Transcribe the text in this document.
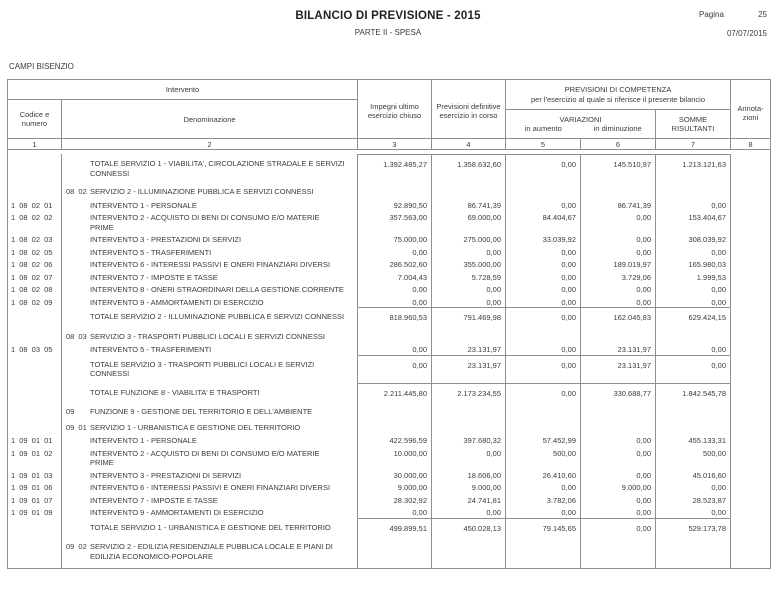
BILANCIO DI PREVISIONE - 2015
PARTE II - SPESA
Pagina	25
07/07/2015
CAMPI BISENZIO
Intervento
Codice e numero	Denominazione
Impegni ultimo esercizio chiuso
Previsioni definitive esercizio in corso
PREVISIONI DI COMPETENZA
per l'esercizio al quale si riferisce il presente bilancio
VARIAZIONI
in aumento	in diminuzione
SOMME RISULTANTI
Annota-zioni
1	2	3	4	5	6	7	8
TOTALE SERVIZIO 1 - VIABILITA', CIRCOLAZIONE STRADALE E SERVIZI CONNESSI
1.392.485,27	1.358.632,60	0,00	145.510,97	1.213.121,63
08 02 SERVIZIO 2 - ILLUMINAZIONE PUBBLICA E SERVIZI CONNESSI
1 08 02 01	INTERVENTO 1 - PERSONALE	92.890,50	86.741,39	0,00	86.741,39	0,00
1 08 02 02	INTERVENTO 2 - ACQUISTO DI BENI DI CONSUMO E/O MATERIE PRIME
357.563,00	69.000,00	84.404,67	0,00	153.404,67
1 08 02 03	INTERVENTO 3 - PRESTAZIONI DI SERVIZI	75.000,00	275.000,00	33.039,92	0,00	308.039,92
1 08 02 05	INTERVENTO 5 - TRASFERIMENTI	0,00	0,00	0,00	0,00	0,00
1 08 02 06	INTERVENTO 6 - INTERESSI PASSIVI E ONERI FINANZIARI DIVERSI	286.502,60	355.000,00	0,00	189.019,97	165.980,03
1 08 02 07	INTERVENTO 7 - IMPOSTE E TASSE	7.004,43	5.728,59	0,00	3.729,06	1.999,53
1 08 02 08	INTERVENTO 8 - ONERI STRAORDINARI DELLA GESTIONE CORRENTE	0,00	0,00	0,00	0,00	0,00
1 08 02 09	INTERVENTO 9 - AMMORTAMENTI DI ESERCIZIO	0,00	0,00	0,00	0,00	0,00
TOTALE SERVIZIO 2 - ILLUMINAZIONE PUBBLICA E SERVIZI CONNESSI	818.960,53	791.469,98	0,00	162.045,83	629.424,15
08 03 SERVIZIO 3 - TRASPORTI PUBBLICI LOCALI E SERVIZI CONNESSI
1 08 03 05	INTERVENTO 5 - TRASFERIMENTI	0,00	23.131,97	0,00	23.131,97	0,00
TOTALE SERVIZIO 3 - TRASPORTI PUBBLICI LOCALI E SERVIZI CONNESSI
0,00	23.131,97	0,00	23.131,97	0,00
TOTALE FUNZIONE 8 - VIABILITA' E TRASPORTI	2.211.445,80	2.173.234,55	0,00	330.688,77	1.842.545,78
09	FUNZIONE 9 - GESTIONE DEL TERRITORIO E DELL'AMBIENTE
09 01 SERVIZIO 1 - URBANISTICA E GESTIONE DEL TERRITORIO
1 09 01 01	INTERVENTO 1 - PERSONALE	422.596,59	397.680,32	57.452,99	0,00	455.133,31
1 09 01 02	INTERVENTO 2 - ACQUISTO DI BENI DI CONSUMO E/O MATERIE PRIME
10.000,00	0,00	500,00	0,00	500,00
1 09 01 03	INTERVENTO 3 - PRESTAZIONI DI SERVIZI	30.000,00	18.606,00	26.410,60	0,00	45.016,60
1 09 01 06	INTERVENTO 6 - INTERESSI PASSIVI E ONERI FINANZIARI DIVERSI	9.000,00	9.000,00	0,00	9.000,00	0,00
1 09 01 07	INTERVENTO 7 - IMPOSTE E TASSE	28.302,92	24.741,81	3.782,06	0,00	28.523,87
1 09 01 09	INTERVENTO 9 - AMMORTAMENTI DI ESERCIZIO	0,00	0,00	0,00	0,00	0,00
TOTALE SERVIZIO 1 - URBANISTICA E GESTIONE DEL TERRITORIO	499.899,51	450.028,13	79.145,65	0,00	529.173,78
09 02 SERVIZIO 2 - EDILIZIA RESIDENZIALE PUBBLICA LOCALE E PIANI DI EDILIZIA ECONOMICO-POPOLARE
